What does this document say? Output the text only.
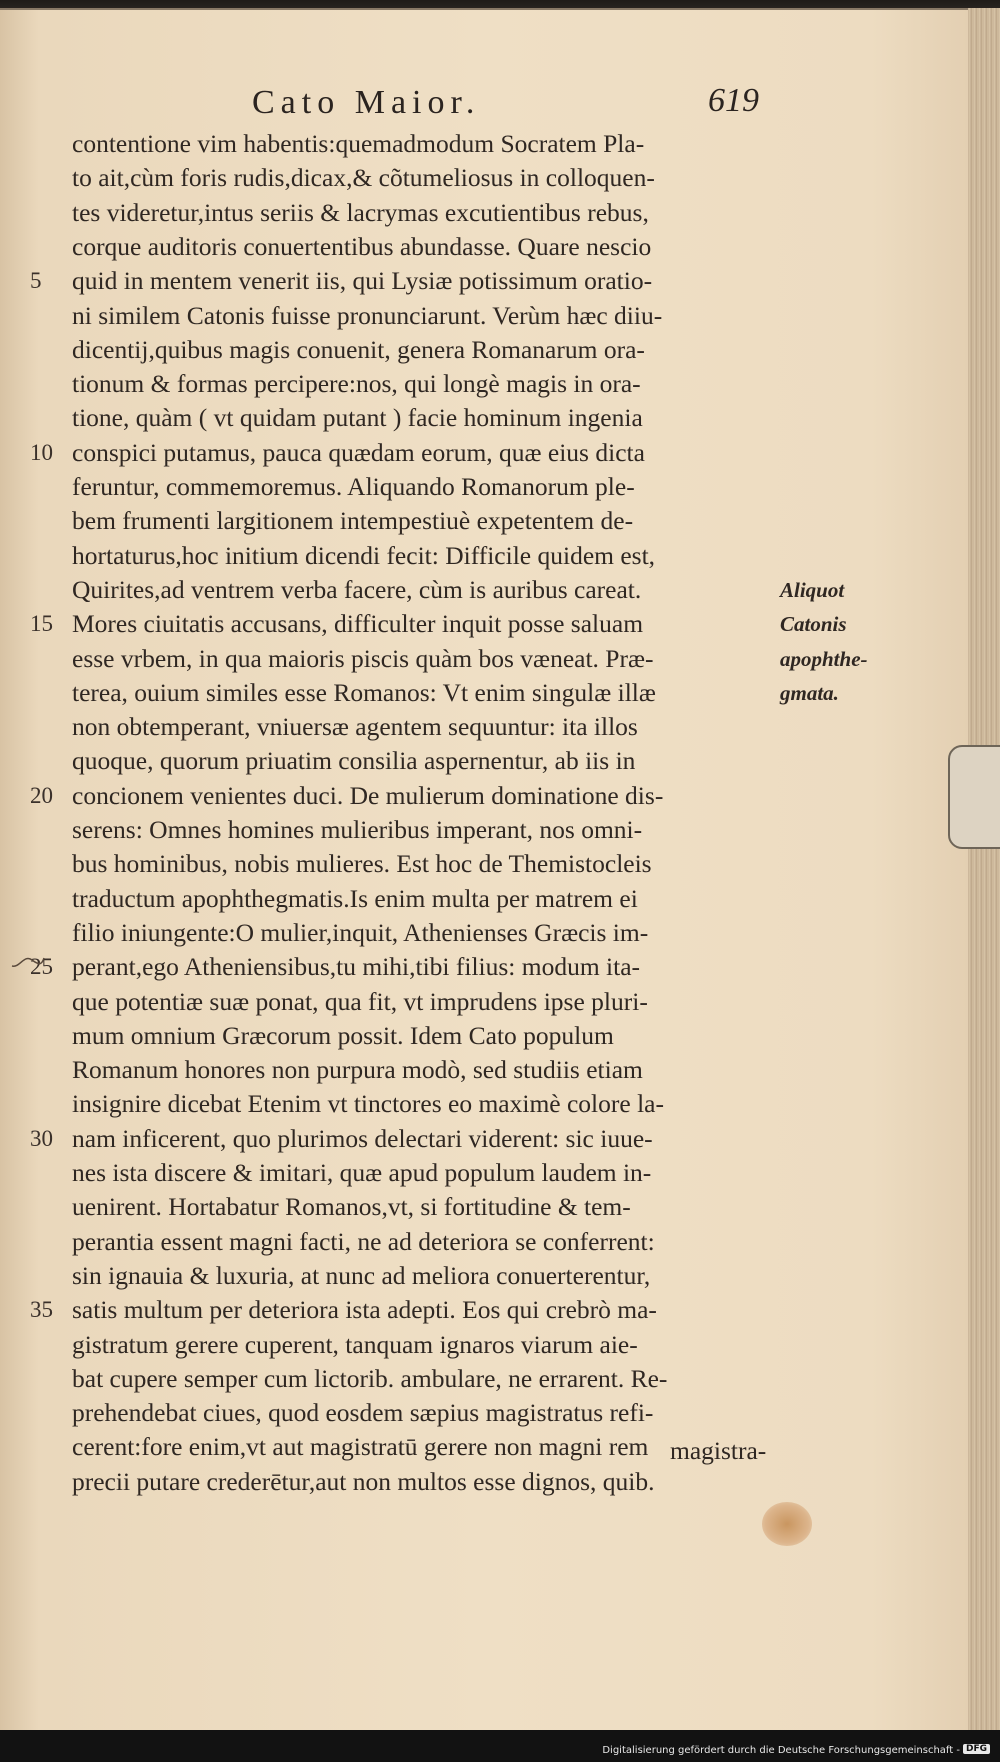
Cato Maior.	619
contentione vim habentis:quemadmodum Socratem Pla-
to ait,cùm foris rudis,dicax,& cõtumeliosus in colloquen-
tes videretur,intus seriis & lacrymas excutientibus rebus,
corque auditoris conuertentibus abundasse. Quare nescio
quid in mentem venerit iis, qui Lysiæ potissimum oratio-
ni similem Catonis fuisse pronunciarunt. Verùm hæc diiu-
dicentij,quibus magis conuenit, genera Romanarum ora-
tionum & formas percipere:nos, qui longè magis in ora-
tione, quàm ( vt quidam putant ) facie hominum ingenia
conspici putamus, pauca quædam eorum, quæ eius dicta
feruntur, commemoremus. Aliquando Romanorum ple-
bem frumenti largitionem intempestiuè expetentem de-
hortaturus,hoc initium dicendi fecit: Difficile quidem est,
Quirites,ad ventrem verba facere, cùm is auribus careat.
Mores ciuitatis accusans, difficulter inquit posse saluam
esse vrbem, in qua maioris piscis quàm bos væneat. Præ-
terea, ouium similes esse Romanos: Vt enim singulæ illæ
non obtemperant, vniuersæ agentem sequuntur: ita illos
quoque, quorum priuatim consilia aspernentur, ab iis in
concionem venientes duci. De mulierum dominatione dis-
serens: Omnes homines mulieribus imperant, nos omni-
bus hominibus, nobis mulieres. Est hoc de Themistocleis
traductum apophthegmatis.Is enim multa per matrem ei
filio iniungente:O mulier,inquit, Athenienses Græcis im-
perant,ego Atheniensibus,tu mihi,tibi filius: modum ita-
que potentiæ suæ ponat, qua fit, vt imprudens ipse pluri-
mum omnium Græcorum possit. Idem Cato populum
Romanum honores non purpura modò, sed studiis etiam
insignire dicebat Etenim vt tinctores eo maximè colore la-
nam inficerent, quo plurimos delectari viderent: sic iuue-
nes ista discere & imitari, quæ apud populum laudem in-
uenirent. Hortabatur Romanos,vt, si fortitudine & tem-
perantia essent magni facti, ne ad deteriora se conferrent:
sin ignauia & luxuria, at nunc ad meliora conuerterentur,
satis multum per deteriora ista adepti. Eos qui crebrò ma-
gistratum gerere cuperent, tanquam ignaros viarum aie-
bat cupere semper cum lictorib. ambulare, ne errarent. Re-
prehendebat ciues, quod eosdem sæpius magistratus refi-
cerent:fore enim,vt aut magistratū gerere non magni rem
precii putare crederētur,aut non multos esse dignos, quib.
5
10
15
20
25
30
35
Aliquot
Catonis
apophthe-
gmata.
magistra-
Digitalisierung gefördert durch die Deutsche Forschungsgemeinschaft - DFG
